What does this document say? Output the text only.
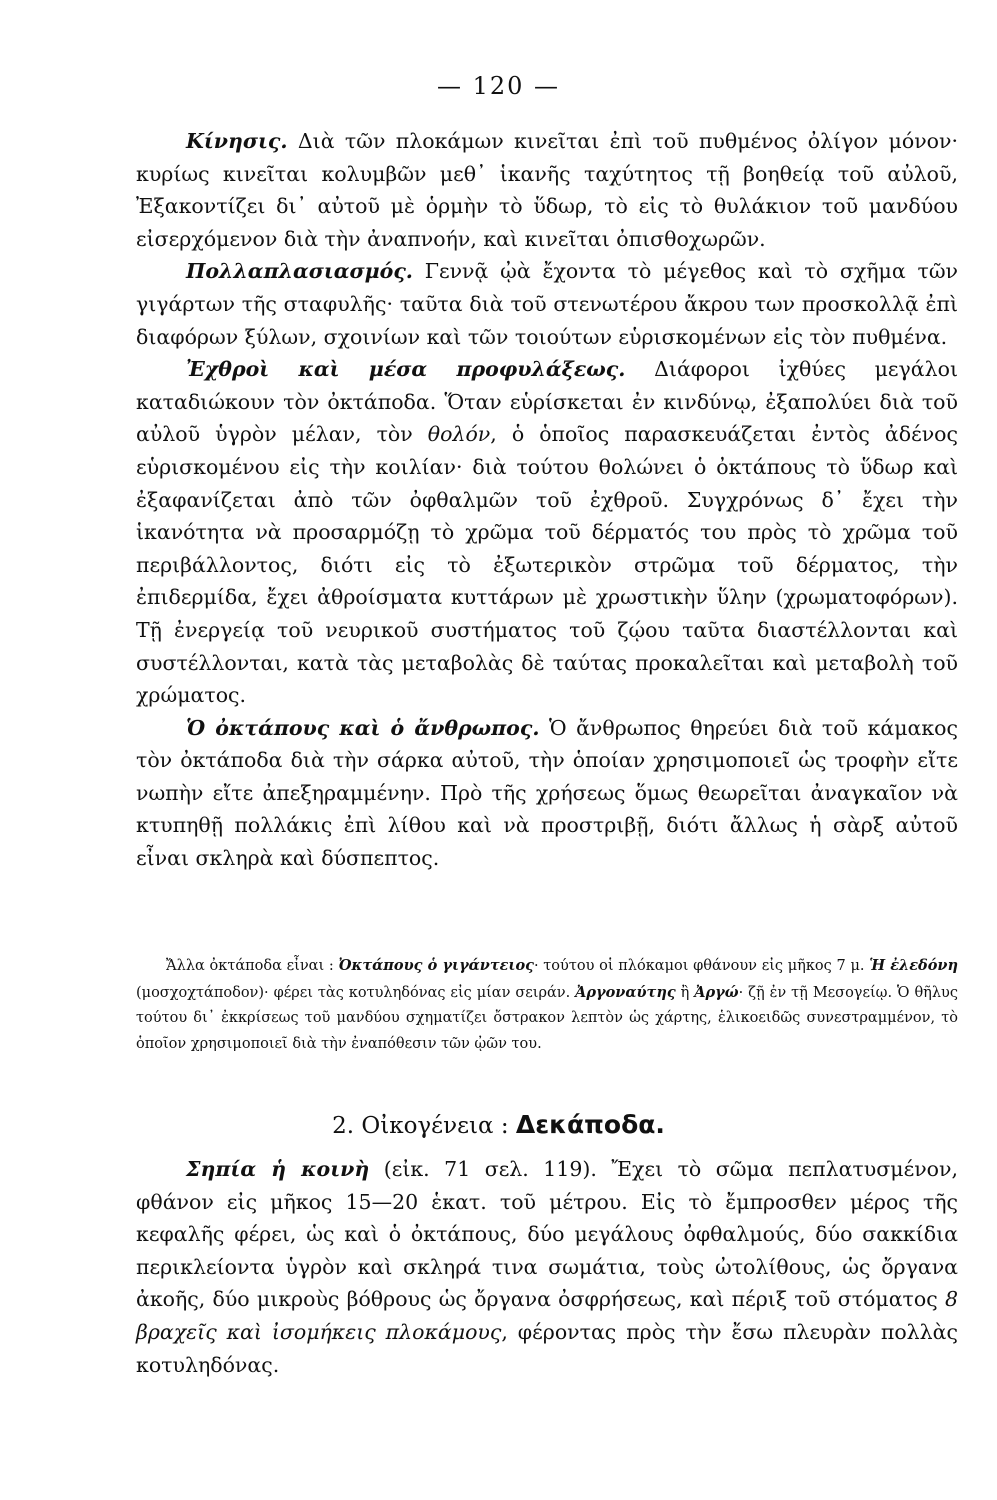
— 120 —

Κίνησις. Διὰ τῶν πλοκάμων κινεῖται ἐπὶ τοῦ πυθμένος ὀλίγον μόνον· κυρίως κινεῖται κολυμβῶν μεθ᾽ ἱκανῆς ταχύτητος τῇ βοηθείᾳ τοῦ αὐλοῦ, Ἐξακοντίζει δι᾽ αὐτοῦ μὲ ὁρμὴν τὸ ὕδωρ, τὸ εἰς τὸ θυλάκιον τοῦ μανδύου εἰσερχόμενον διὰ τὴν ἀναπνοήν, καὶ κινεῖται ὀπισθοχωρῶν.

Πολλαπλασιασμός. Γεννᾷ ᾠὰ ἔχοντα τὸ μέγεθος καὶ τὸ σχῆμα τῶν γιγάρτων τῆς σταφυλῆς· ταῦτα διὰ τοῦ στενωτέρου ἄκρου των προσκολλᾷ ἐπὶ διαφόρων ξύλων, σχοινίων καὶ τῶν τοιούτων εὑρισκομένων εἰς τὸν πυθμένα.

Ἐχθροὶ καὶ μέσα προφυλάξεως. Διάφοροι ἰχθύες μεγάλοι καταδιώκουν τὸν ὀκτάποδα. Ὅταν εὑρίσκεται ἐν κινδύνῳ, ἐξαπολύει διὰ τοῦ αὐλοῦ ὑγρὸν μέλαν, τὸν θολόν, ὁ ὁποῖος παρασκευάζεται ἐντὸς ἀδένος εὑρισκομένου εἰς τὴν κοιλίαν· διὰ τούτου θολώνει ὁ ὀκτάπους τὸ ὕδωρ καὶ ἐξαφανίζεται ἀπὸ τῶν ὀφθαλμῶν τοῦ ἐχθροῦ. Συγχρόνως δ᾽ ἔχει τὴν ἱκανότητα νὰ προσαρμόζῃ τὸ χρῶμα τοῦ δέρματός του πρὸς τὸ χρῶμα τοῦ περιβάλλοντος, διότι εἰς τὸ ἐξωτερικὸν στρῶμα τοῦ δέρματος, τὴν ἐπιδερμίδα, ἔχει ἀθροίσματα κυττάρων μὲ χρωστικὴν ὕλην (χρωματοφόρων). Τῇ ἐνεργείᾳ τοῦ νευρικοῦ συστήματος τοῦ ζῴου ταῦτα διαστέλλονται καὶ συστέλλονται, κατὰ τὰς μεταβολὰς δὲ ταύτας προκαλεῖται καὶ μεταβολὴ τοῦ χρώματος.

Ὁ ὀκτάπους καὶ ὁ ἄνθρωπος. Ὁ ἄνθρωπος θηρεύει διὰ τοῦ κάμακος τὸν ὀκτάποδα διὰ τὴν σάρκα αὐτοῦ, τὴν ὁποίαν χρησιμοποιεῖ ὡς τροφὴν εἴτε νωπὴν εἴτε ἀπεξηραμμένην. Πρὸ τῆς χρήσεως ὅμως θεωρεῖται ἀναγκαῖον νὰ κτυπηθῇ πολλάκις ἐπὶ λίθου καὶ νὰ προστριβῇ, διότι ἄλλως ἡ σὰρξ αὐτοῦ εἶναι σκληρὰ καὶ δύσπεπτος.

Ἄλλα ὀκτάποδα εἶναι : Ὀκτάπους ὁ γιγάντειος· τούτου οἱ πλόκαμοι φθάνουν εἰς μῆκος 7 μ. Ἡ ἐλεδόνη (μοσχοχτάποδον)· φέρει τὰς κοτυληδόνας εἰς μίαν σειράν. Ἀργοναύτης ἢ Ἀργώ· ζῇ ἐν τῇ Μεσογείῳ. Ὁ θῆλυς τούτου δι᾽ ἐκκρίσεως τοῦ μανδύου σχηματίζει ὄστρακον λεπτὸν ὡς χάρτης, ἑλικοειδῶς συνεστραμμένον, τὸ ὁποῖον χρησιμοποιεῖ διὰ τὴν ἐναπόθεσιν τῶν ᾠῶν του.

2. Οἰκογένεια : Δεκάποδα.

Σηπία ἡ κοινὴ (εἰκ. 71 σελ. 119). Ἔχει τὸ σῶμα πεπλατυσμένον, φθάνον εἰς μῆκος 15—20 ἑκατ. τοῦ μέτρου. Εἰς τὸ ἔμπροσθεν μέρος τῆς κεφαλῆς φέρει, ὡς καὶ ὁ ὀκτάπους, δύο μεγάλους ὀφθαλμούς, δύο σακκίδια περικλείοντα ὑγρὸν καὶ σκληρά τινα σωμάτια, τοὺς ὠτολίθους, ὡς ὄργανα ἀκοῆς, δύο μικροὺς βόθρους ὡς ὄργανα ὀσφρήσεως, καὶ πέριξ τοῦ στόματος 8 βραχεῖς καὶ ἰσομήκεις πλοκάμους, φέροντας πρὸς τὴν ἔσω πλευρὰν πολλὰς κοτυληδόνας.
